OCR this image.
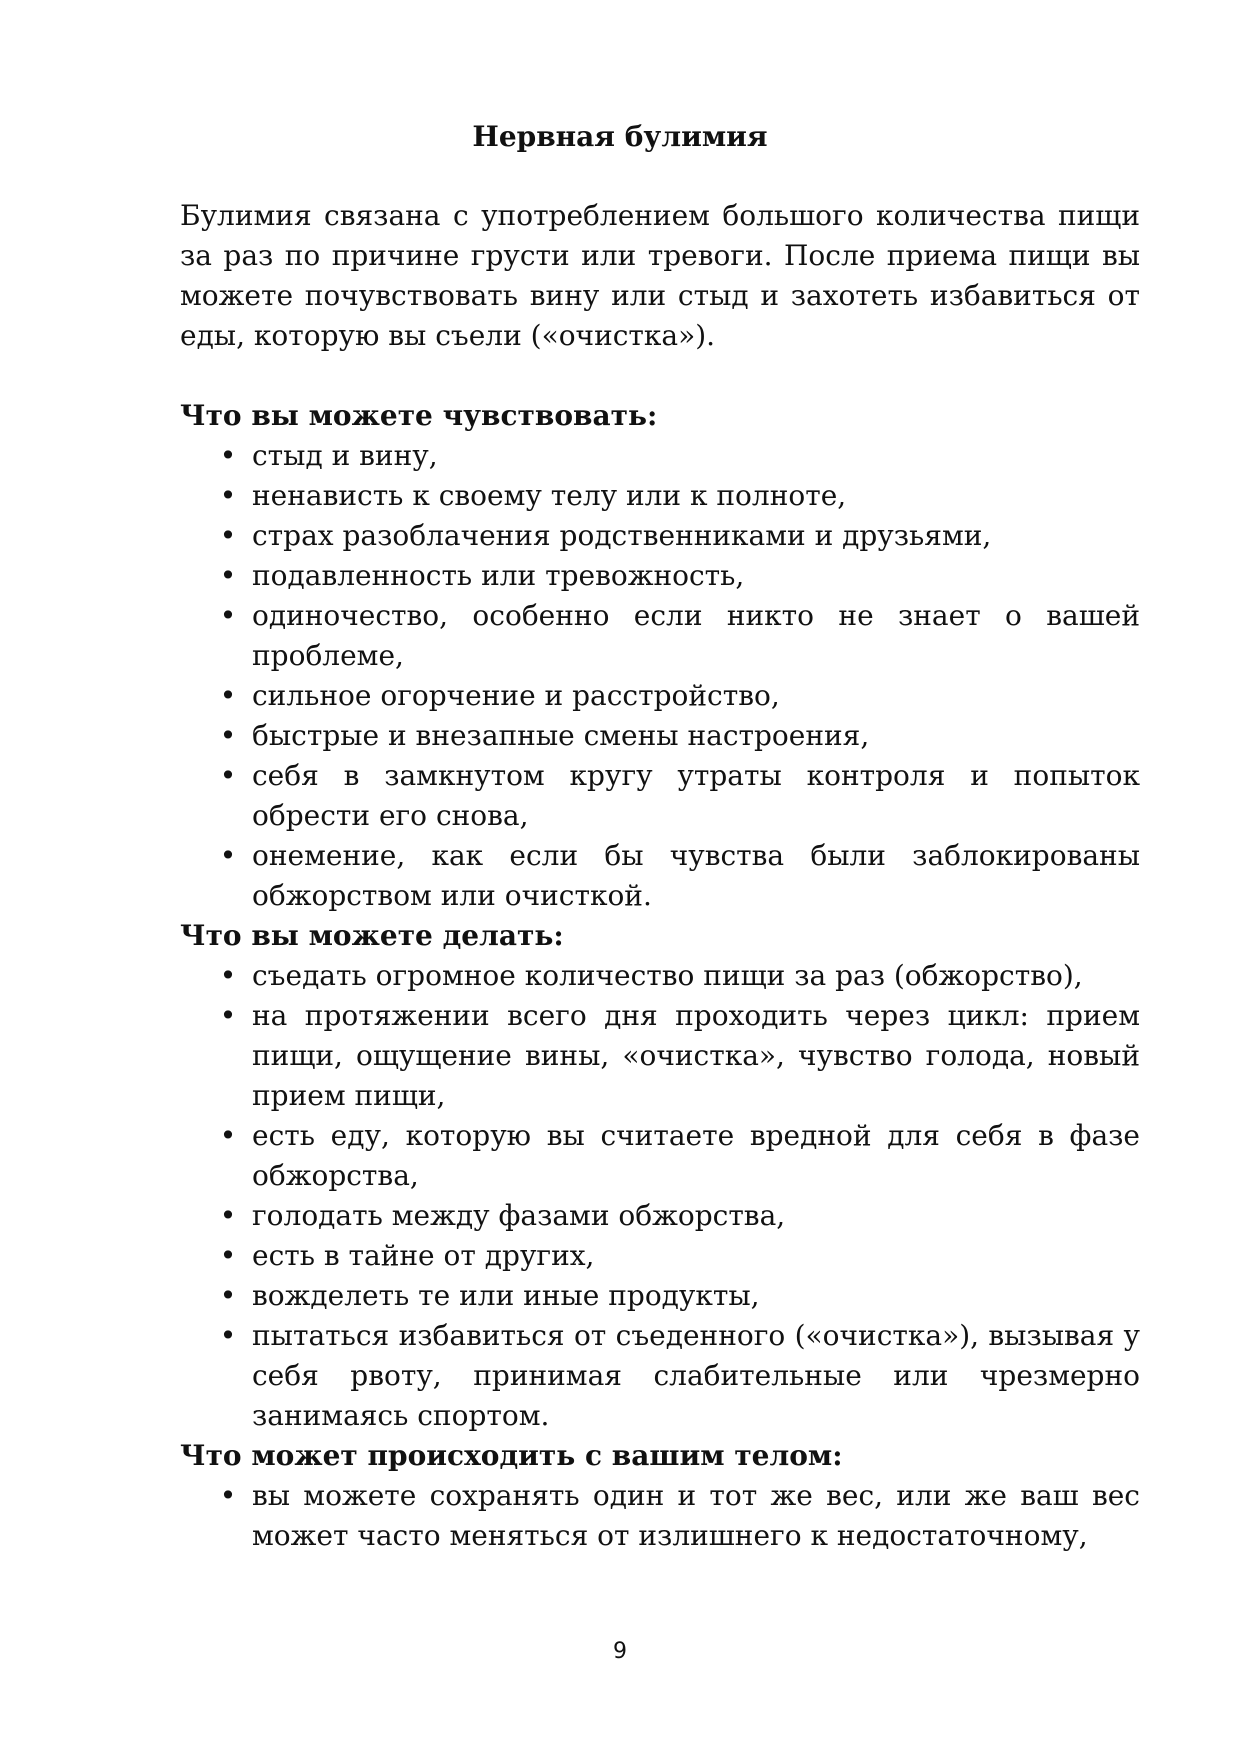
Нервная булимия

Булимия связана с употреблением большого количества пищи за раз по причине грусти или тревоги. После приема пищи вы можете почувствовать вину или стыд и захотеть избавиться от еды, которую вы съели («очистка»).

Что вы можете чувствовать:

• стыд и вину,
• ненависть к своему телу или к полноте,
• страх разоблачения родственниками и друзьями,
• подавленность или тревожность,
• одиночество, особенно если никто не знает о вашей проблеме,
• сильное огорчение и расстройство,
• быстрые и внезапные смены настроения,
• себя в замкнутом кругу утраты контроля и попыток обрести его снова,
• онемение, как если бы чувства были заблокированы обжорством или очисткой.

Что вы можете делать:

• съедать огромное количество пищи за раз (обжорство),
• на протяжении всего дня проходить через цикл: прием пищи, ощущение вины, «очистка», чувство голода, новый прием пищи,
• есть еду, которую вы считаете вредной для себя в фазе обжорства,
• голодать между фазами обжорства,
• есть в тайне от других,
• вожделеть те или иные продукты,
• пытаться избавиться от съеденного («очистка»), вызывая у себя рвоту, принимая слабительные или чрезмерно занимаясь спортом.

Что может происходить с вашим телом:

• вы можете сохранять один и тот же вес, или же ваш вес может часто меняться от излишнего к недостаточному,
9
